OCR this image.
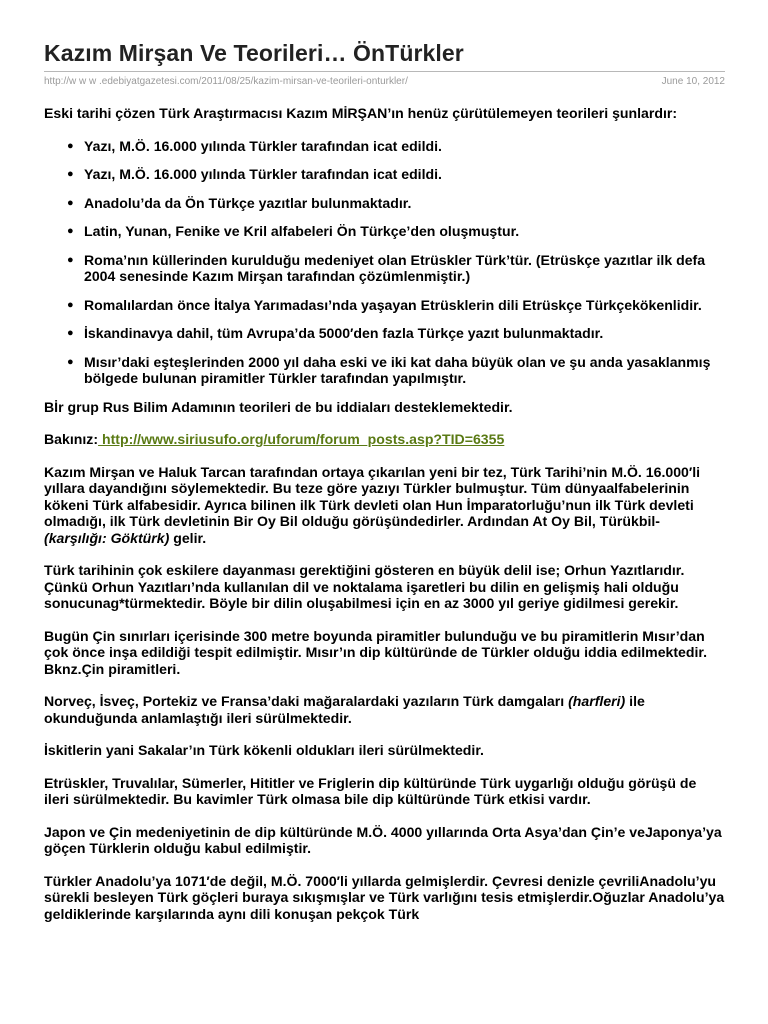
Kazım Mirşan Ve Teorileri… ÖnTürkler
http://w w w .edebiyatgazetesi.com/2011/08/25/kazim-mirsan-ve-teorileri-onturkler/	June 10, 2012

Eski tarihi çözen Türk Araştırmacısı Kazım MİRŞAN’ın henüz çürütülemeyen teorileri şunlardır:

● Yazı, M.Ö. 16.000 yılında Türkler tarafından icat edildi.
● Yazı, M.Ö. 16.000 yılında Türkler tarafından icat edildi.
● Anadolu’da da Ön Türkçe yazıtlar bulunmaktadır.
● Latin, Yunan, Fenike ve Kril alfabeleri Ön Türkçe’den oluşmuştur.
● Roma’nın küllerinden kurulduğu medeniyet olan Etrüskler Türk’tür. (Etrüskçe yazıtlar ilk defa 2004 senesinde Kazım Mirşan tarafından çözümlenmiştir.)
● Romalılardan önce İtalya Yarımadası’nda yaşayan Etrüsklerin dili Etrüskçe Türkçekökenlidir.
● İskandinavya dahil, tüm Avrupa’da 5000′den fazla Türkçe yazıt bulunmaktadır.
● Mısır’daki eşteşlerinden 2000 yıl daha eski ve iki kat daha büyük olan ve şu anda yasaklanmış bölgede bulunan piramitler Türkler tarafından yapılmıştır.

Bİr grup Rus Bilim Adamının teorileri de bu iddiaları desteklemektedir.

Bakınız: http://www.siriusufo.org/uforum/forum_posts.asp?TID=6355

Kazım Mirşan ve Haluk Tarcan tarafından ortaya çıkarılan yeni bir tez, Türk Tarihi’nin M.Ö. 16.000′li yıllara dayandığını söylemektedir. Bu teze göre yazıyı Türkler bulmuştur. Tüm dünyaalfabelerinin kökeni Türk alfabesidir. Ayrıca bilinen ilk Türk devleti olan Hun İmparatorluğu’nun ilk Türk devleti olmadığı, ilk Türk devletinin Bir Oy Bil olduğu görüşündedirler. Ardından At Oy Bil, Türükbil- (karşılığı: Göktürk) gelir.

Türk tarihinin çok eskilere dayanması gerektiğini gösteren en büyük delil ise; Orhun Yazıtlarıdır. Çünkü Orhun Yazıtları’nda kullanılan dil ve noktalama işaretleri bu dilin en gelişmiş hali olduğu sonucunag*türmektedir. Böyle bir dilin oluşabilmesi için en az 3000 yıl geriye gidilmesi gerekir.

Bugün Çin sınırları içerisinde 300 metre boyunda piramitler bulunduğu ve bu piramitlerin Mısır’dan çok önce inşa edildiği tespit edilmiştir. Mısır’ın dip kültüründe de Türkler olduğu iddia edilmektedir. Bknz.Çin piramitleri.

Norveç, İsveç, Portekiz ve Fransa’daki mağaralardaki yazıların Türk damgaları (harfleri) ile okunduğunda anlamlaştığı ileri sürülmektedir.

İskitlerin yani Sakalar’ın Türk kökenli oldukları ileri sürülmektedir.

Etrüskler, Truvalılar, Sümerler, Hititler ve Friglerin dip kültüründe Türk uygarlığı olduğu görüşü de ileri sürülmektedir. Bu kavimler Türk olmasa bile dip kültüründe Türk etkisi vardır.

Japon ve Çin medeniyetinin de dip kültüründe M.Ö. 4000 yıllarında Orta Asya’dan Çin’e veJaponya’ya göçen Türklerin olduğu kabul edilmiştir.

Türkler Anadolu’ya 1071′de değil, M.Ö. 7000′li yıllarda gelmişlerdir. Çevresi denizle çevriliAnadolu’yu sürekli besleyen Türk göçleri buraya sıkışmışlar ve Türk varlığını tesis etmişlerdir.Oğuzlar Anadolu’ya geldiklerinde karşılarında aynı dili konuşan pekçok Türk
